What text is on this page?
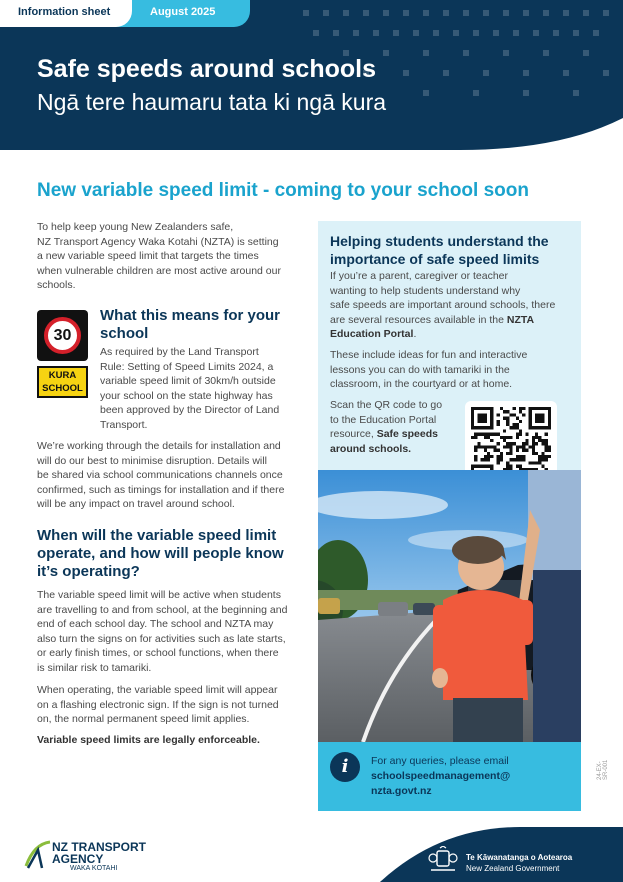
August 2025
Information sheet
Safe speeds around schools
Ngā tere haumaru tata ki ngā kura
New variable speed limit - coming to your school soon
To help keep young New Zealanders safe,
NZ Transport Agency Waka Kotahi (NZTA) is setting
a new variable speed limit that targets the times
when vulnerable children are most active around our
schools.
30
KURA
SCHOOL
What this means for your
school
As required by the Land Transport
Rule: Setting of Speed Limits 2024, a
variable speed limit of 30km/h outside
your school on the state highway has
been approved by the Director of Land
Transport.
We’re working through the details for installation and
will do our best to minimise disruption. Details will
be shared via school communications channels once
confirmed, such as timings for installation and if there
will be any impact on travel around school.
When will the variable speed limit
operate, and how will people know
it’s operating?
The variable speed limit will be active when students
are travelling to and from school, at the beginning and
end of each school day. The school and NZTA may
also turn the signs on for activities such as late starts,
or early finish times, or school functions, when there
is similar risk to tamariki.
When operating, the variable speed limit will appear
on a flashing electronic sign. If the sign is not turned
on, the normal permanent speed limit applies.
Variable speed limits are legally enforceable.
Helping students understand the
importance of safe speed limits
If you’re a parent, caregiver or teacher
wanting to help students understand why
safe speeds are important around schools, there
are several resources available in the NZTA
Education Portal.
These include ideas for fun and interactive
lessons you can do with tamariki in the
classroom, in the courtyard or at home.
Scan the QR code to go
to the Education Portal
resource, Safe speeds
around schools.
i	For any queries, please email
schoolspeedmanagement@
nzta.govt.nz
24-EX-SR-001
NZ TRANSPORT
AGENCY
WAKA KOTAHI
Te Kāwanatanga o Aotearoa
New Zealand Government
